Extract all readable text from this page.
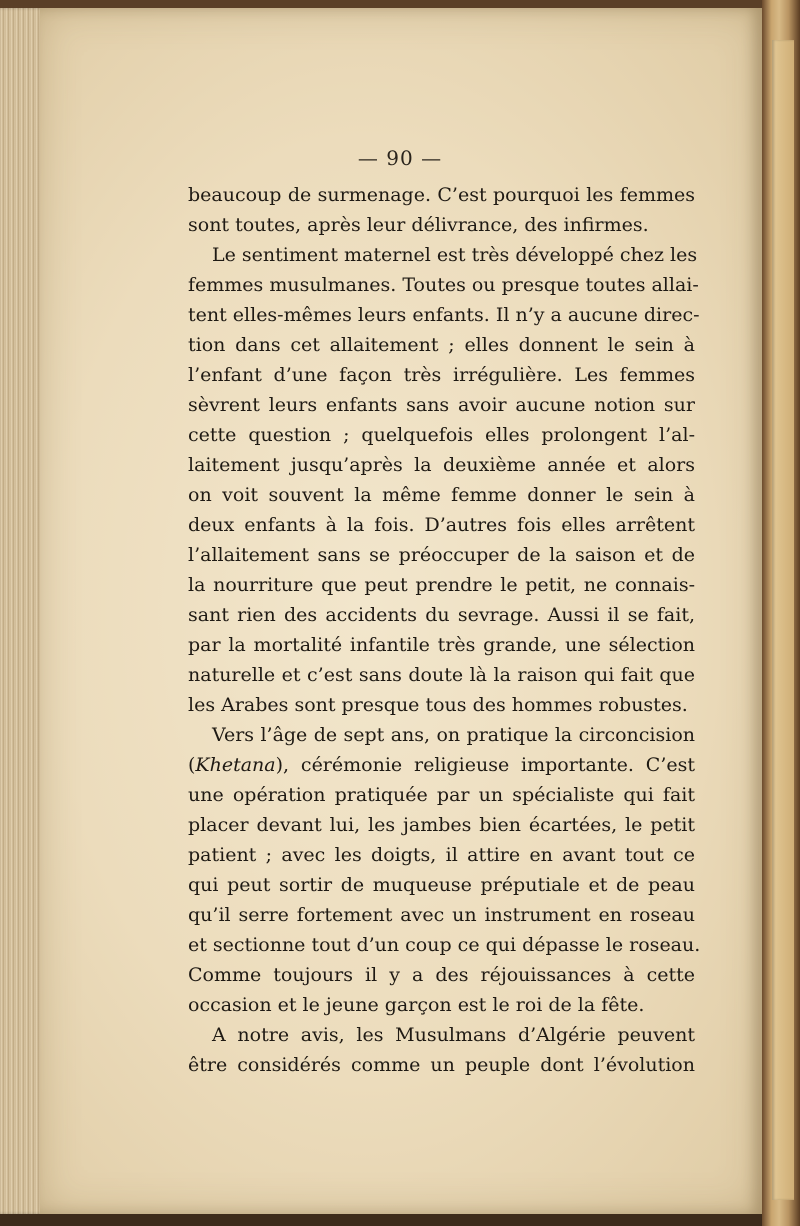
— 90 —
beaucoup de surmenage. C’est pourquoi les femmes
sont toutes, après leur délivrance, des infirmes.
Le sentiment maternel est très développé chez les
femmes musulmanes. Toutes ou presque toutes allai-
tent elles-mêmes leurs enfants. Il n’y a aucune direc-
tion dans cet allaitement ; elles donnent le sein à
l’enfant d’une façon très irrégulière. Les femmes
sèvrent leurs enfants sans avoir aucune notion sur
cette question ; quelquefois elles prolongent l’al-
laitement jusqu’après la deuxième année et alors
on voit souvent la même femme donner le sein à
deux enfants à la fois. D’autres fois elles arrêtent
l’allaitement sans se préoccuper de la saison et de
la nourriture que peut prendre le petit, ne connais-
sant rien des accidents du sevrage. Aussi il se fait,
par la mortalité infantile très grande, une sélection
naturelle et c’est sans doute là la raison qui fait que
les Arabes sont presque tous des hommes robustes.
Vers l’âge de sept ans, on pratique la circoncision
(Khetana), cérémonie religieuse importante. C’est
une opération pratiquée par un spécialiste qui fait
placer devant lui, les jambes bien écartées, le petit
patient ; avec les doigts, il attire en avant tout ce
qui peut sortir de muqueuse préputiale et de peau
qu’il serre fortement avec un instrument en roseau
et sectionne tout d’un coup ce qui dépasse le roseau.
Comme toujours il y a des réjouissances à cette
occasion et le jeune garçon est le roi de la fête.
A notre avis, les Musulmans d’Algérie peuvent
être considérés comme un peuple dont l’évolution
